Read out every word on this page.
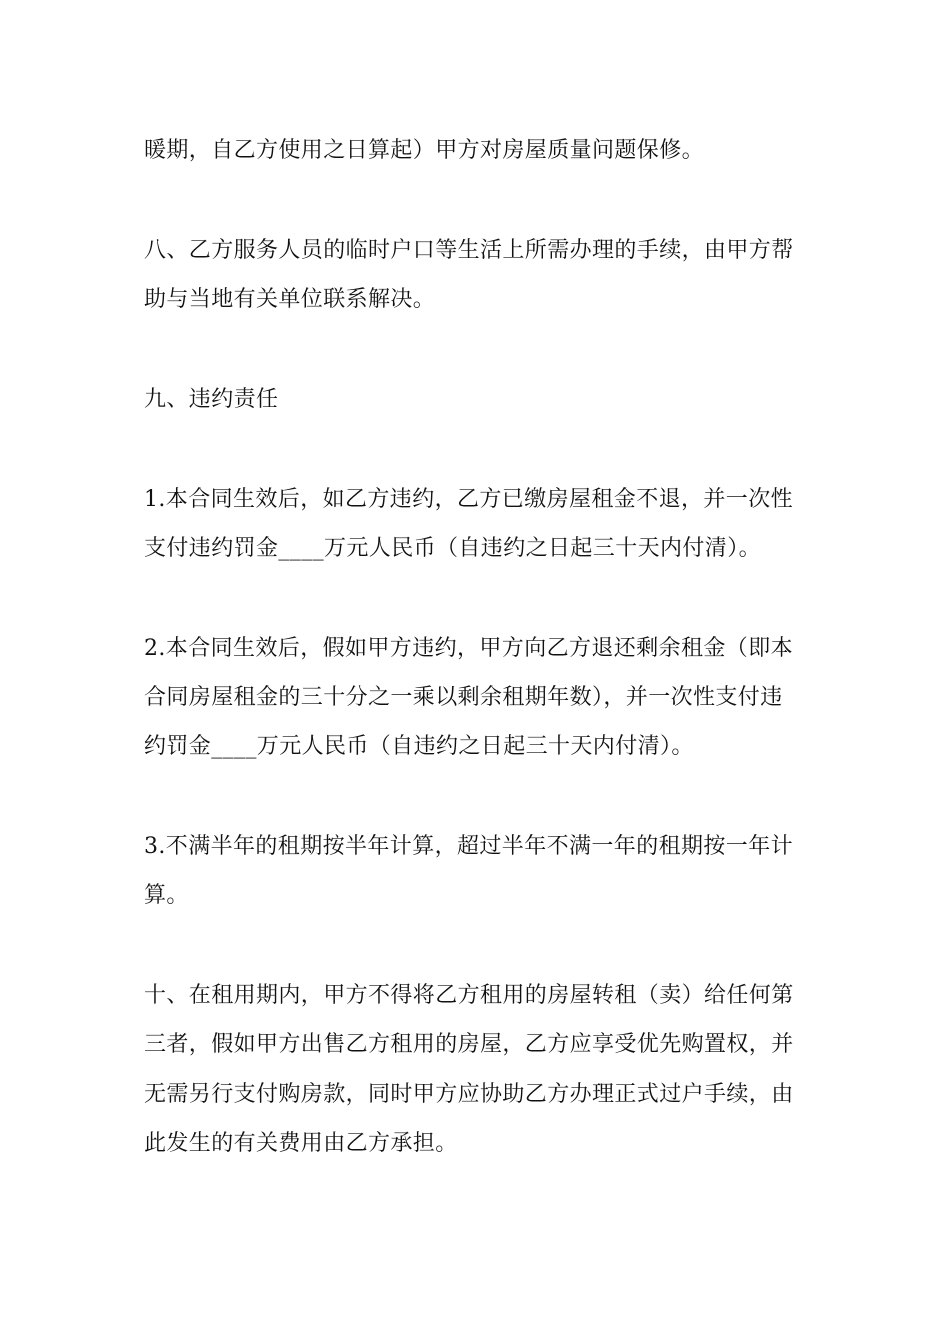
暖期，自乙方使用之日算起）甲方对房屋质量问题保修。
八、乙方服务人员的临时户口等生活上所需办理的手续，由甲方帮
助与当地有关单位联系解决。
九、违约责任
1.本合同生效后，如乙方违约，乙方已缴房屋租金不退，并一次性
支付违约罚金____万元人民币（自违约之日起三十天内付清）。
2.本合同生效后，假如甲方违约，甲方向乙方退还剩余租金（即本
合同房屋租金的三十分之一乘以剩余租期年数），并一次性支付违
约罚金____万元人民币（自违约之日起三十天内付清）。
3.不满半年的租期按半年计算，超过半年不满一年的租期按一年计
算。
十、在租用期内，甲方不得将乙方租用的房屋转租（卖）给任何第
三者，假如甲方出售乙方租用的房屋，乙方应享受优先购置权，并
无需另行支付购房款，同时甲方应协助乙方办理正式过户手续，由
此发生的有关费用由乙方承担。
